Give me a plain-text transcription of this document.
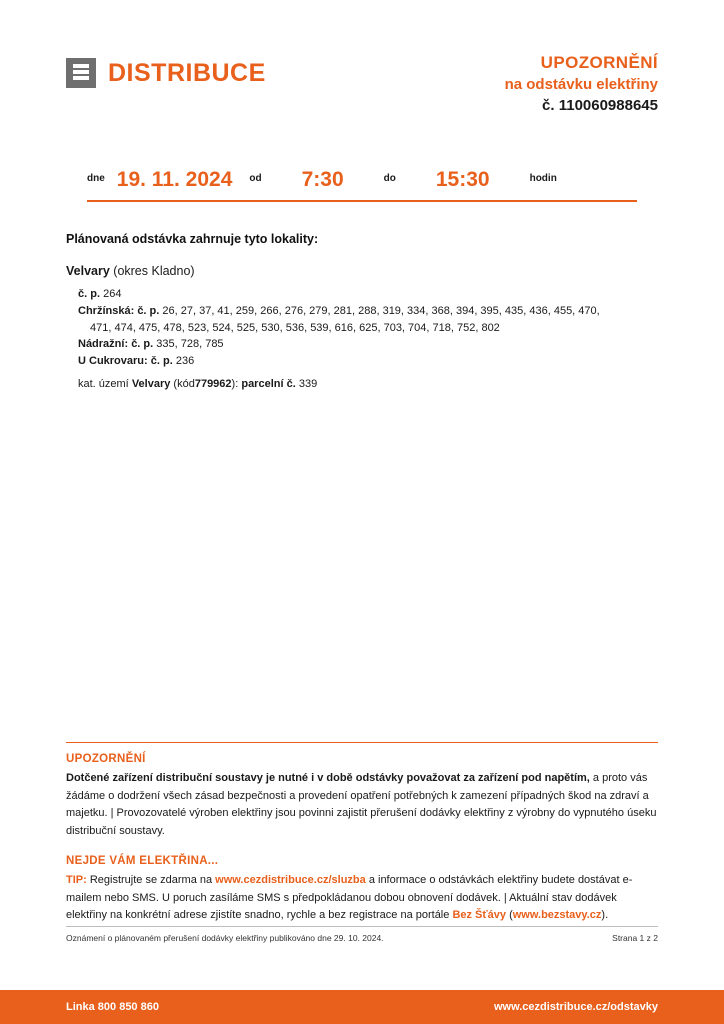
DISTRIBUCE	UPOZORNĚNÍ
na odstávku elektřiny
č. 110060988645
dne 19. 11. 2024 od 7:30	do 15:30	hodin
Plánovaná odstávka zahrnuje tyto lokality:
Velvary (okres Kladno)
č. p. 264
Chržínská: č. p. 26, 27, 37, 41, 259, 266, 276, 279, 281, 288, 319, 334, 368, 394, 395, 435, 436, 455, 470,
471, 474, 475, 478, 523, 524, 525, 530, 536, 539, 616, 625, 703, 704, 718, 752, 802
Nádražní: č. p. 335, 728, 785
U Cukrovaru: č. p. 236
kat. území Velvary (kód779962): parcelní č. 339
UPOZORNĚNÍ
Dotčené zařízení distribuční soustavy je nutné i v době odstávky považovat za zařízení pod napětím, a proto vás žádáme o dodržení všech zásad bezpečnosti a provedení opatření potřebných k zamezení případných škod na zdraví a majetku. | Provozovatelé výroben elektřiny jsou povinni zajistit přerušení dodávky elektřiny z výrobny do vypnutého úseku distribuční soustavy.
NEJDE VÁM ELEKTŘINA...
TIP: Registrujte se zdarma na www.cezdistribuce.cz/sluzba a informace o odstávkách elektřiny budete dostávat e-mailem nebo SMS. U poruch zasíláme SMS s předpokládanou dobou obnovení dodávek. | Aktuální stav dodávek elektřiny na konkrétní adrese zjistíte snadno, rychle a bez registrace na portále Bez Šťávy (www.bezstavy.cz).
Oznámení o plánovaném přerušení dodávky elektřiny publikováno dne 29. 10. 2024.	Strana 1 z 2
Linka 800 850 860	www.cezdistribuce.cz/odstavky
